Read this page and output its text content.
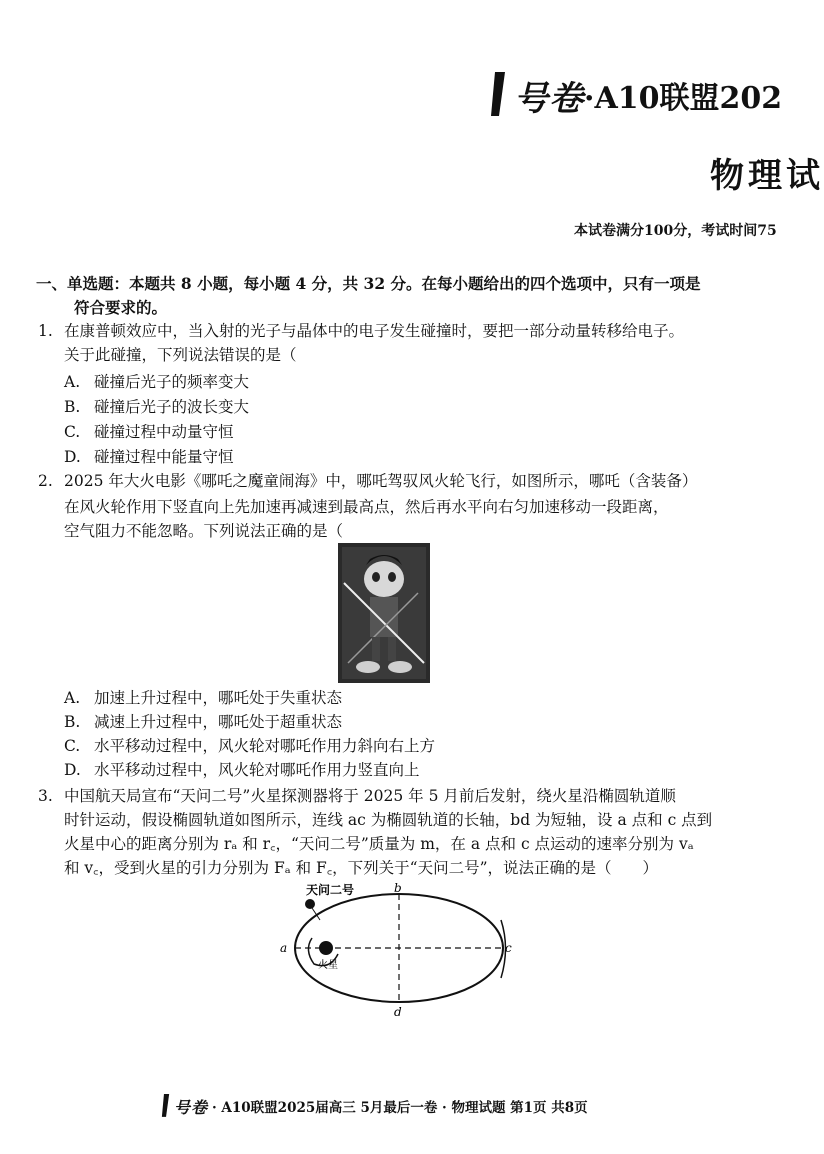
号卷 ·A10联盟202
物理试
本试卷满分100分，考试时间75
一、单选题：本题共 8 小题，每小题 4 分，共 32 分。在每小题给出的四个选项中，只有一项是
符合要求的。
1. 在康普顿效应中，当入射的光子与晶体中的电子发生碰撞时，要把一部分动量转移给电子。
关于此碰撞，下列说法错误的是（
A. 碰撞后光子的频率变大
B. 碰撞后光子的波长变大
C. 碰撞过程中动量守恒
D. 碰撞过程中能量守恒
2. 2025 年大火电影《哪吒之魔童闹海》中，哪吒驾驭风火轮飞行，如图所示，哪吒（含装备）
在风火轮作用下竖直向上先加速再减速到最高点，然后再水平向右匀加速移动一段距离，
空气阻力不能忽略。下列说法正确的是（
A. 加速上升过程中，哪吒处于失重状态
B. 减速上升过程中，哪吒处于超重状态
C. 水平移动过程中，风火轮对哪吒作用力斜向右上方
D. 水平移动过程中，风火轮对哪吒作用力竖直向上
3. 中国航天局宣布“天问二号”火星探测器将于 2025 年 5 月前后发射，绕火星沿椭圆轨道顺
时针运动，假设椭圆轨道如图所示，连线 ac 为椭圆轨道的长轴，bd 为短轴，设 a 点和 c 点到
火星中心的距离分别为 rₐ 和 r꜀，“天问二号”质量为 m，在 a 点和 c 点运动的速率分别为 vₐ
和 v꜀，受到火星的引力分别为 Fₐ 和 F꜀，下列关于“天问二号”，说法正确的是（　　）
天问二号
火星
a
b
c
d
号卷 · A10联盟2025届高三 5月最后一卷 · 物理试题 第1页 共8页
